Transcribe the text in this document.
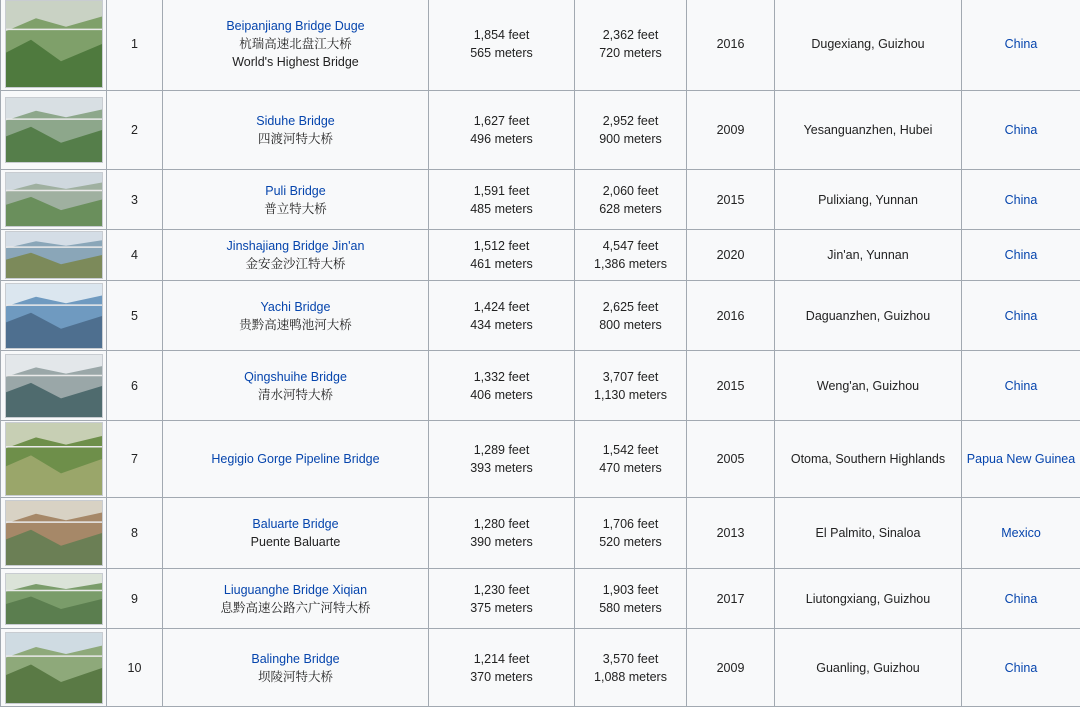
	1	Beipanjiang Bridge Duge
杭瑞高速北盘江大桥
World's Highest Bridge	1,854 feet
565 meters	2,362 feet
720 meters	2016	Dugexiang, Guizhou	China

	2	Siduhe Bridge
四渡河特大桥	1,627 feet
496 meters	2,952 feet
900 meters	2009	Yesanguanzhen, Hubei	China

	3	Puli Bridge
普立特大桥	1,591 feet
485 meters	2,060 feet
628 meters	2015	Pulixiang, Yunnan	China

	4	Jinshajiang Bridge Jin'an
金安金沙江特大桥	1,512 feet
461 meters	4,547 feet
1,386 meters	2020	Jin'an, Yunnan	China

	5	Yachi Bridge
贵黔高速鸭池河大桥	1,424 feet
434 meters	2,625 feet
800 meters	2016	Daguanzhen, Guizhou	China

	6	Qingshuihe Bridge
清水河特大桥	1,332 feet
406 meters	3,707 feet
1,130 meters	2015	Weng'an, Guizhou	China

	7	Hegigio Gorge Pipeline Bridge	1,289 feet
393 meters	1,542 feet
470 meters	2005	Otoma, Southern Highlands	Papua New Guinea

	8	Baluarte Bridge
Puente Baluarte	1,280 feet
390 meters	1,706 feet
520 meters	2013	El Palmito, Sinaloa	Mexico

	9	Liuguanghe Bridge Xiqian
息黔高速公路六广河特大桥	1,230 feet
375 meters	1,903 feet
580 meters	2017	Liutongxiang, Guizhou	China

	10	Balinghe Bridge
坝陵河特大桥	1,214 feet
370 meters	3,570 feet
1,088 meters	2009	Guanling, Guizhou	China
